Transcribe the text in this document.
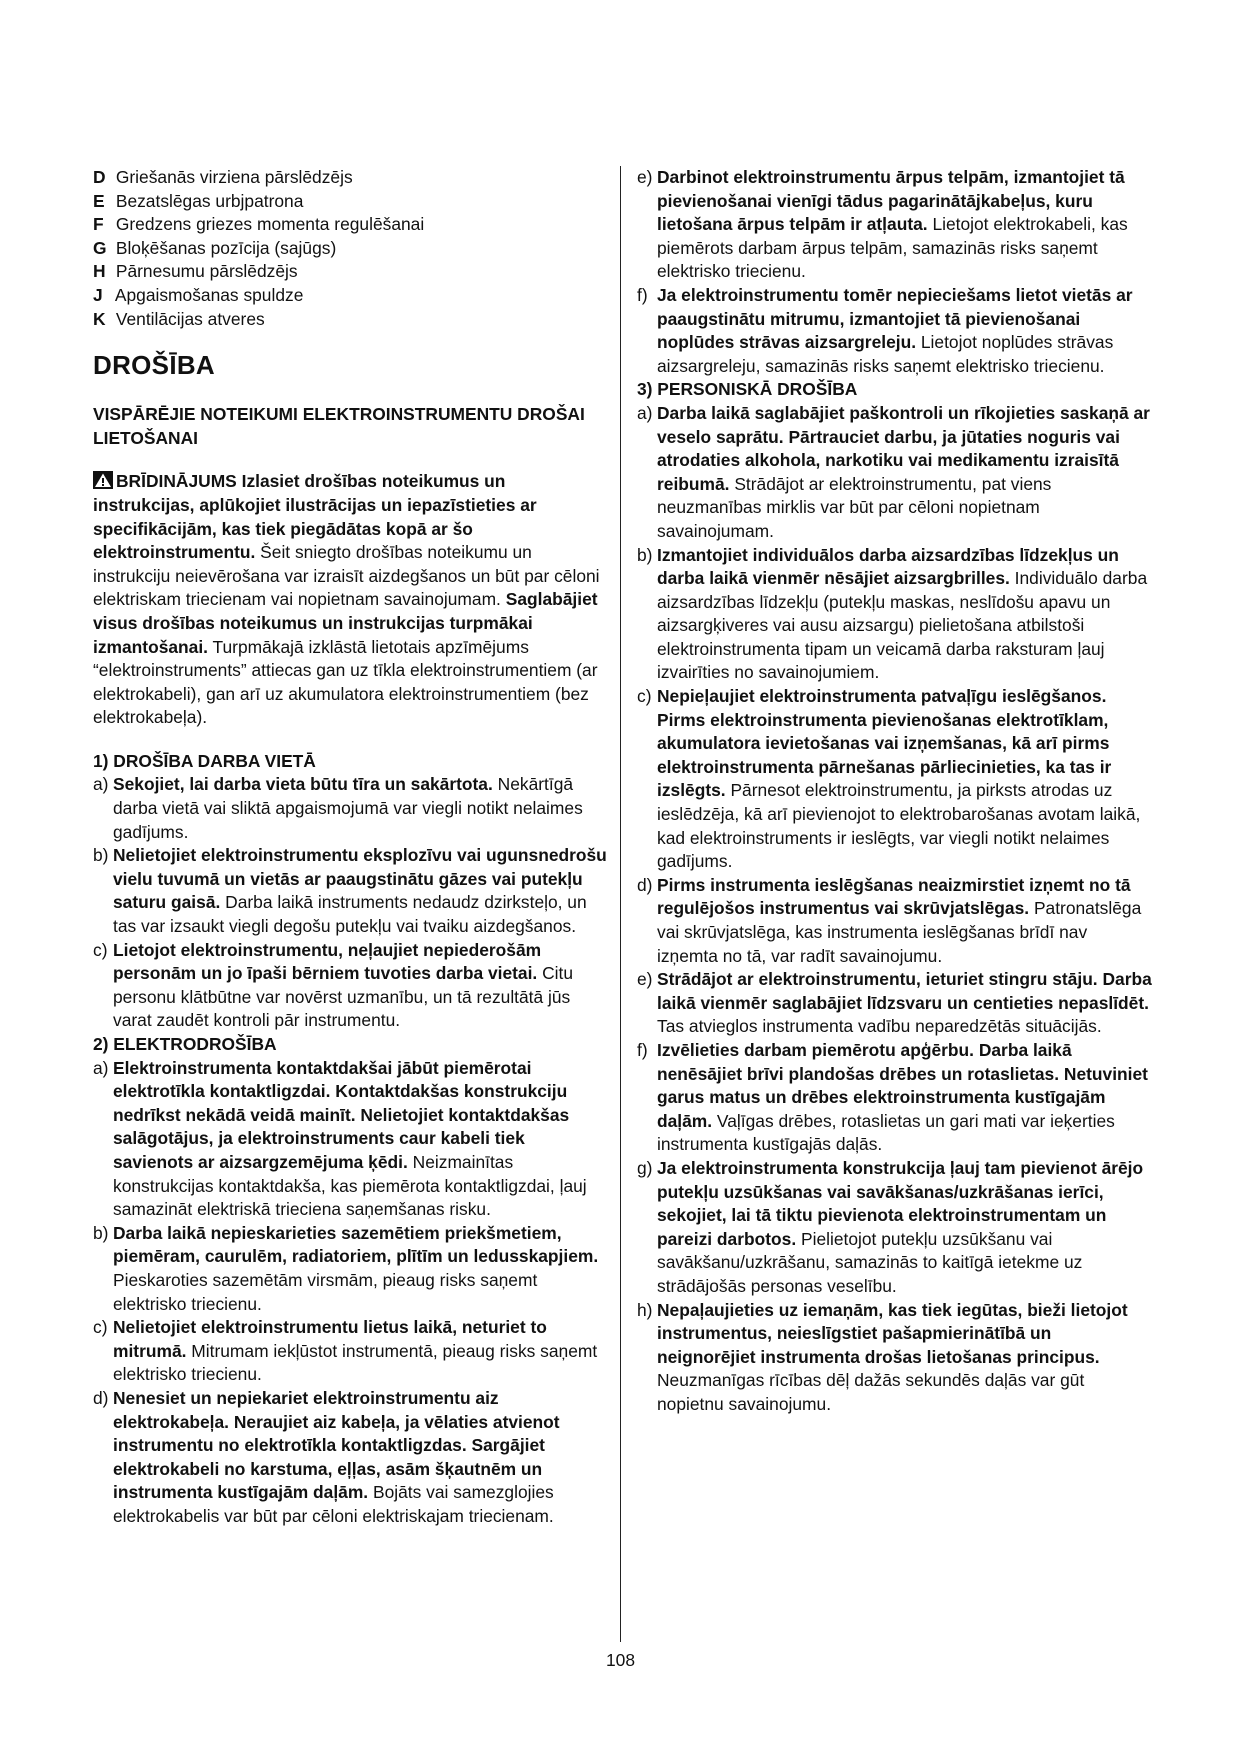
D Griešanās virziena pārslēdzējs
E Bezatslēgas urbjpatrona
F Gredzens griezes momenta regulēšanai
G Bloķēšanas pozīcija (sajūgs)
H Pārnesumu pārslēdzējs
J Apgaismošanas spuldze
K Ventilācijas atveres
DROŠĪBA
VISPĀRĒJIE NOTEIKUMI ELEKTROINSTRUMENTU DROŠAI LIETOŠANAI
BRĪDINĀJUMS Izlasiet drošības noteikumus un instrukcijas, aplūkojiet ilustrācijas un iepazīstieties ar specifikācijām, kas tiek piegādātas kopā ar šo elektroinstrumentu. Šeit sniegto drošības noteikumu un instrukciju neievērošana var izraisīt aizdegšanos un būt par cēloni elektriskam triecienam vai nopietnam savainojumam. Saglabājiet visus drošības noteikumus un instrukcijas turpmākai izmantošanai. Turpmākajā izklāstā lietotais apzīmējums “elektroinstruments” attiecas gan uz tīkla elektroinstrumentiem (ar elektrokabeli), gan arī uz akumulatora elektroinstrumentiem (bez elektrokabeļa).
1) DROŠĪBA DARBA VIETĀ
a) Sekojiet, lai darba vieta būtu tīra un sakārtota. Nekārtīgā darba vietā vai sliktā apgaismojumā var viegli notikt nelaimes gadījums.
b) Nelietojiet elektroinstrumentu eksplozīvu vai ugunsnedrošu vielu tuvumā un vietās ar paaugstinātu gāzes vai putekļu saturu gaisā. Darba laikā instruments nedaudz dzirksteļo, un tas var izsaukt viegli degošu putekļu vai tvaiku aizdegšanos.
c) Lietojot elektroinstrumentu, neļaujiet nepiederošām personām un jo īpaši bērniem tuvoties darba vietai. Citu personu klātbūtne var novērst uzmanību, un tā rezultātā jūs varat zaudēt kontroli pār instrumentu.
2) ELEKTRODROŠĪBA
a) Elektroinstrumenta kontaktdakšai jābūt piemērotai elektrotīkla kontaktligzdai. Kontaktdakšas konstrukciju nedrīkst nekādā veidā mainīt. Nelietojiet kontaktdakšas salāgotājus, ja elektroinstruments caur kabeli tiek savienots ar aizsargzemējuma ķēdi. Neizmainītas konstrukcijas kontaktdakša, kas piemērota kontaktligzdai, ļauj samazināt elektriskā trieciena saņemšanas risku.
b) Darba laikā nepieskarieties sazemētiem priekšmetiem, piemēram, caurulēm, radiatoriem, plītīm un ledusskapjiem. Pieskaroties sazemētām virsmām, pieaug risks saņemt elektrisko triecienu.
c) Nelietojiet elektroinstrumentu lietus laikā, neturiet to mitrumā. Mitrumam iekļūstot instrumentā, pieaug risks saņemt elektrisko triecienu.
d) Nenesiet un nepiekariet elektroinstrumentu aiz elektrokabeļa. Neraujiet aiz kabeļa, ja vēlaties atvienot instrumentu no elektrotīkla kontaktligzdas. Sargājiet elektrokabeli no karstuma, eļļas, asām šķautnēm un instrumenta kustīgajām daļām. Bojāts vai samezglojies elektrokabelis var būt par cēloni elektriskajam triecienam.
e) Darbinot elektroinstrumentu ārpus telpām, izmantojiet tā pievienošanai vienīgi tādus pagarinātājkabeļus, kuru lietošana ārpus telpām ir atļauta. Lietojot elektrokabeli, kas piemērots darbam ārpus telpām, samazinās risks saņemt elektrisko triecienu.
f) Ja elektroinstrumentu tomēr nepieciešams lietot vietās ar paaugstinātu mitrumu, izmantojiet tā pievienošanai noplūdes strāvas aizsargreleju. Lietojot noplūdes strāvas aizsargreleju, samazinās risks saņemt elektrisko triecienu.
3) PERSONISKĀ DROŠĪBA
a) Darba laikā saglabājiet paškontroli un rīkojieties saskaņā ar veselo saprātu. Pārtrauciet darbu, ja jūtaties noguris vai atrodaties alkohola, narkotiku vai medikamentu izraisītā reibumā. Strādājot ar elektroinstrumentu, pat viens neuzmanības mirklis var būt par cēloni nopietnam savainojumam.
b) Izmantojiet individuālos darba aizsardzības līdzekļus un darba laikā vienmēr nēsājiet aizsargbrilles. Individuālo darba aizsardzības līdzekļu (putekļu maskas, neslīdošu apavu un aizsargķiveres vai ausu aizsargu) pielietošana atbilstoši elektroinstrumenta tipam un veicamā darba raksturam ļauj izvairīties no savainojumiem.
c) Nepieļaujiet elektroinstrumenta patvaļīgu ieslēgšanos. Pirms elektroinstrumenta pievienošanas elektrotīklam, akumulatora ievietošanas vai izņemšanas, kā arī pirms elektroinstrumenta pārnešanas pārliecinieties, ka tas ir izslēgts. Pārnesot elektroinstrumentu, ja pirksts atrodas uz ieslēdzēja, kā arī pievienojot to elektrobarošanas avotam laikā, kad elektroinstruments ir ieslēgts, var viegli notikt nelaimes gadījums.
d) Pirms instrumenta ieslēgšanas neaizmirstiet izņemt no tā regulējošos instrumentus vai skrūvjatslēgas. Patronatslēga vai skrūvjatslēga, kas instrumenta ieslēgšanas brīdī nav izņemta no tā, var radīt savainojumu.
e) Strādājot ar elektroinstrumentu, ieturiet stingru stāju. Darba laikā vienmēr saglabājiet līdzsvaru un centieties nepaslīdēt. Tas atvieglos instrumenta vadību neparedzētās situācijās.
f) Izvēlieties darbam piemērotu apģērbu. Darba laikā nenēsājiet brīvi plandošas drēbes un rotaslietas. Netuviniet garus matus un drēbes elektroinstrumenta kustīgajām daļām. Vaļīgas drēbes, rotaslietas un gari mati var ieķerties instrumenta kustīgajās daļās.
g) Ja elektroinstrumenta konstrukcija ļauj tam pievienot ārējo putekļu uzsūkšanas vai savākšanas/uzkrāšanas ierīci, sekojiet, lai tā tiktu pievienota elektroinstrumentam un pareizi darbotos. Pielietojot putekļu uzsūkšanu vai savākšanu/uzkrāšanu, samazinās to kaitīgā ietekme uz strādājošās personas veselību.
h) Nepaļaujieties uz iemaņām, kas tiek iegūtas, bieži lietojot instrumentus, neieslīgstiet pašapmierinātībā un neignorējiet instrumenta drošas lietošanas principus. Neuzmanīgas rīcības dēļ dažās sekundēs daļās var gūt nopietnu savainojumu.
108
